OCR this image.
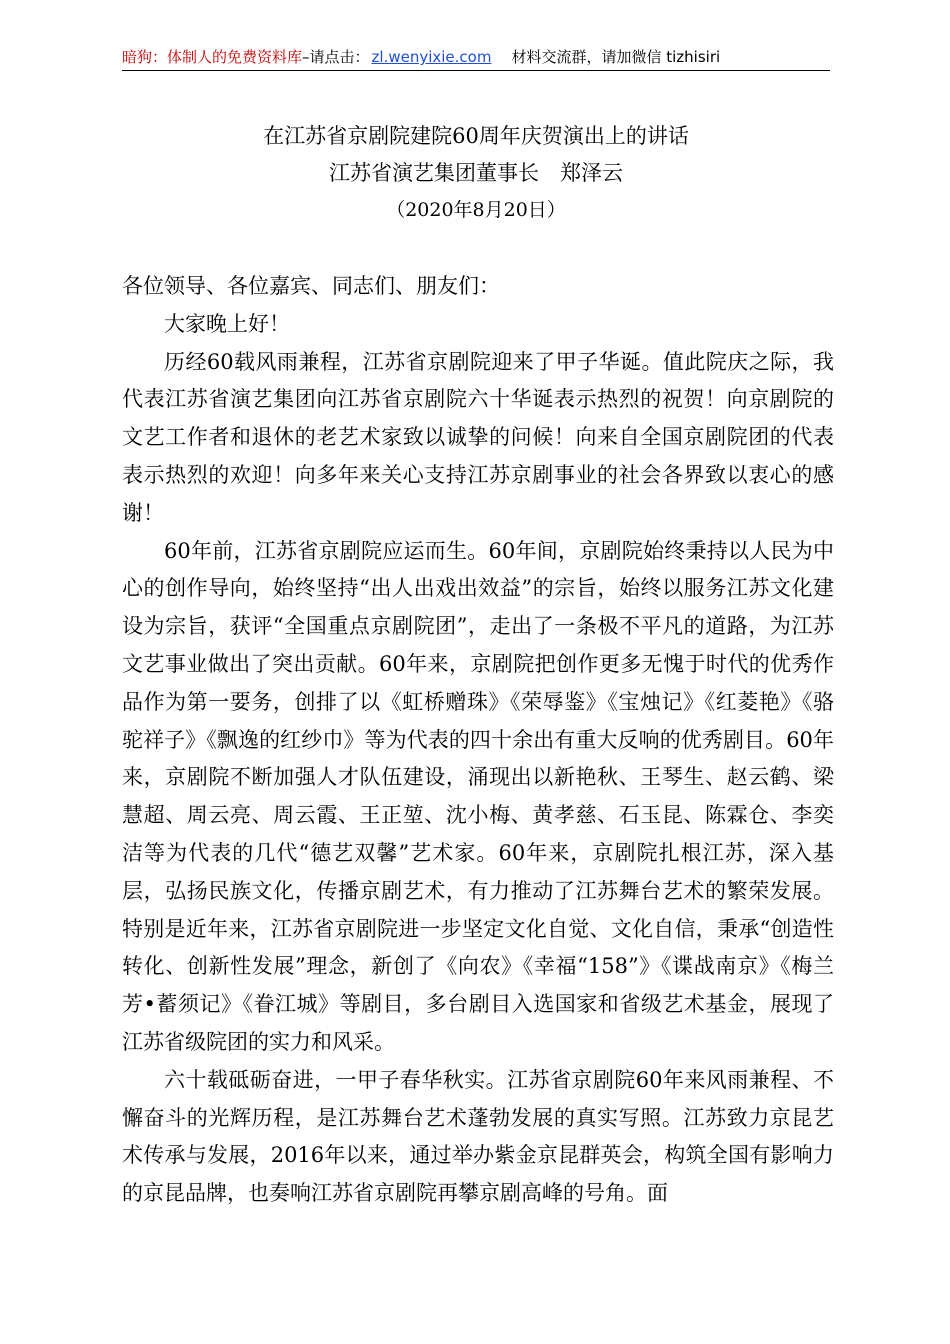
暗狗：体制人的免费资料库–请点击： zl.wenyixie.com 材料交流群，请加微信 tizhisiri
在江苏省京剧院建院60周年庆贺演出上的讲话
江苏省演艺集团董事长　郑泽云
（2020年8月20日）

各位领导、各位嘉宾、同志们、朋友们：

大家晚上好！

历经60载风雨兼程，江苏省京剧院迎来了甲子华诞。值此院庆之际，我代表江苏省演艺集团向江苏省京剧院六十华诞表示热烈的祝贺！向京剧院的文艺工作者和退休的老艺术家致以诚挚的问候！向来自全国京剧院团的代表表示热烈的欢迎！向多年来关心支持江苏京剧事业的社会各界致以衷心的感谢！

60年前，江苏省京剧院应运而生。60年间，京剧院始终秉持以人民为中心的创作导向，始终坚持“出人出戏出效益”的宗旨，始终以服务江苏文化建设为宗旨，获评“全国重点京剧院团”，走出了一条极不平凡的道路，为江苏文艺事业做出了突出贡献。60年来，京剧院把创作更多无愧于时代的优秀作品作为第一要务，创排了以《虹桥赠珠》《荣辱鉴》《宝烛记》《红菱艳》《骆驼祥子》《飘逸的红纱巾》等为代表的四十余出有重大反响的优秀剧目。60年来，京剧院不断加强人才队伍建设，涌现出以新艳秋、王琴生、赵云鹤、梁慧超、周云亮、周云霞、王正堃、沈小梅、黄孝慈、石玉昆、陈霖仓、李奕洁等为代表的几代“德艺双馨”艺术家。60年来，京剧院扎根江苏，深入基层，弘扬民族文化，传播京剧艺术，有力推动了江苏舞台艺术的繁荣发展。特别是近年来，江苏省京剧院进一步坚定文化自觉、文化自信，秉承“创造性转化、创新性发展”理念，新创了《向农》《幸福“158”》《谍战南京》《梅兰芳•蓄须记》《眷江城》等剧目，多台剧目入选国家和省级艺术基金，展现了江苏省级院团的实力和风采。

六十载砥砺奋进，一甲子春华秋实。江苏省京剧院60年来风雨兼程、不懈奋斗的光辉历程，是江苏舞台艺术蓬勃发展的真实写照。江苏致力京昆艺术传承与发展，2016年以来，通过举办紫金京昆群英会，构筑全国有影响力的京昆品牌，也奏响江苏省京剧院再攀京剧高峰的号角。面
